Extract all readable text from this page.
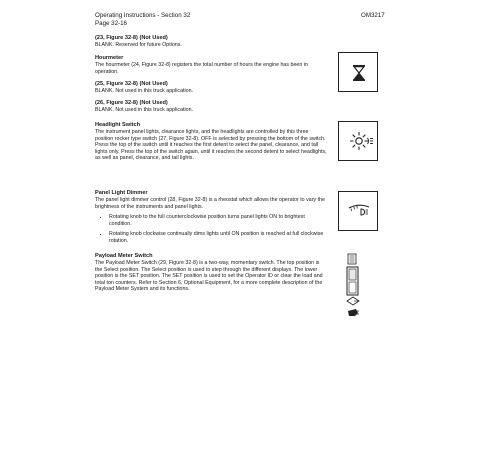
Operating Instructions - Section 32
Page 32-16
OM3217
(23, Figure 32-8) (Not Used)

BLANK. Reserved for future Options.

Hourmeter

The hourmeter (24, Figure 32-8) registers the total number of hours the engine has been in operation.

(25, Figure 32-8) (Not Used)

BLANK. Not used in this truck application.

(26, Figure 32-8) (Not Used)

BLANK. Not used in this truck application.

Headlight Switch

The instrument panel lights, clearance lights, and the headlights are controlled by this three position rocker type switch (27, Figure 32-8). OFF is selected by pressing the bottom of the switch. Press the top of the switch until it reaches the first detent to select the panel, clearance, and tail lights only. Press the top of the switch again, until it reaches the second detent to select headlights, as well as panel, clearance, and tail lights.

Panel Light Dimmer

The panel light dimmer control (28, Figure 32-8) is a rheostat which allows the operator to vary the brightness of the instruments and panel lights.

• Rotating knob to the full counterclockwise position turns panel lights ON to brightest condition.
• Rotating knob clockwise continually dims lights until ON position is reached at full clockwise rotation.
Payload Meter Switch

The Payload Meter Switch (29, Figure 32-8) is a two-way, momentary switch. The top position is the Select position. The Select position is used to step through the different displays. The lower position is the SET position. The SET position is used to set the Operator ID or clear the load and total ton counters. Refer to Section 6, Optional Equipment, for a more complete description of the Payload Meter System and its functions.
